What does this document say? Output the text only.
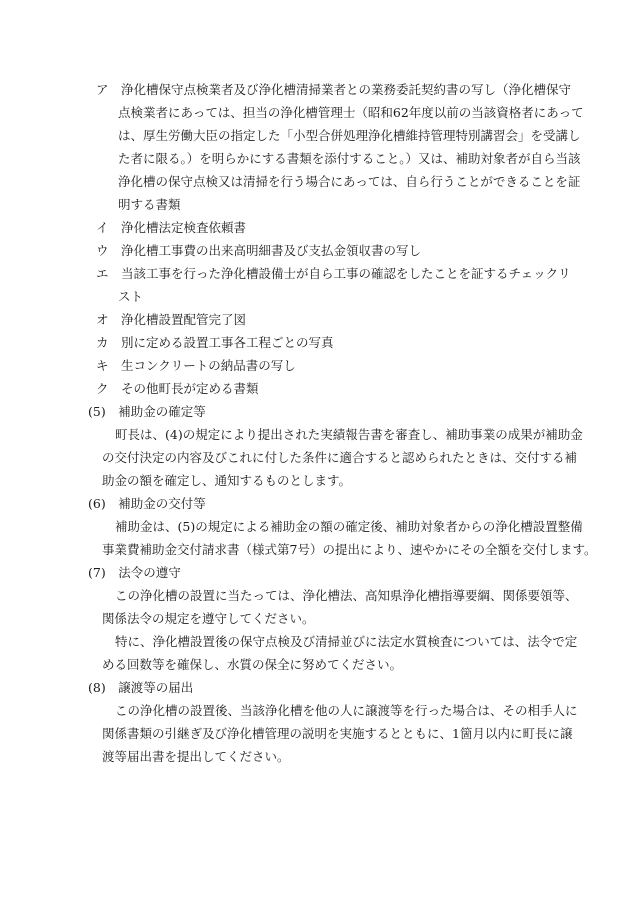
ア　浄化槽保守点検業者及び浄化槽清掃業者との業務委託契約書の写し（浄化槽保守
点検業者にあっては、担当の浄化槽管理士（昭和62年度以前の当該資格者にあって
は、厚生労働大臣の指定した「小型合併処理浄化槽維持管理特別講習会」を受講し
た者に限る。）を明らかにする書類を添付すること。）又は、補助対象者が自ら当該
浄化槽の保守点検又は清掃を行う場合にあっては、自ら行うことができることを証
明する書類
イ　浄化槽法定検査依頼書
ウ　浄化槽工事費の出来高明細書及び支払金領収書の写し
エ　当該工事を行った浄化槽設備士が自ら工事の確認をしたことを証するチェックリ
スト
オ　浄化槽設置配管完了図
カ　別に定める設置工事各工程ごとの写真
キ　生コンクリートの納品書の写し
ク　その他町長が定める書類
(5)　補助金の確定等
町長は、(4)の規定により提出された実績報告書を審査し、補助事業の成果が補助金
の交付決定の内容及びこれに付した条件に適合すると認められたときは、交付する補
助金の額を確定し、通知するものとします。
(6)　補助金の交付等
補助金は、(5)の規定による補助金の額の確定後、補助対象者からの浄化槽設置整備
事業費補助金交付請求書（様式第7号）の提出により、速やかにその全額を交付します。
(7)　法令の遵守
この浄化槽の設置に当たっては、浄化槽法、高知県浄化槽指導要綱、関係要領等、
関係法令の規定を遵守してください。
特に、浄化槽設置後の保守点検及び清掃並びに法定水質検査については、法令で定
める回数等を確保し、水質の保全に努めてください。
(8)　譲渡等の届出
この浄化槽の設置後、当該浄化槽を他の人に譲渡等を行った場合は、その相手人に
関係書類の引継ぎ及び浄化槽管理の説明を実施するとともに、1箇月以内に町長に譲
渡等届出書を提出してください。
